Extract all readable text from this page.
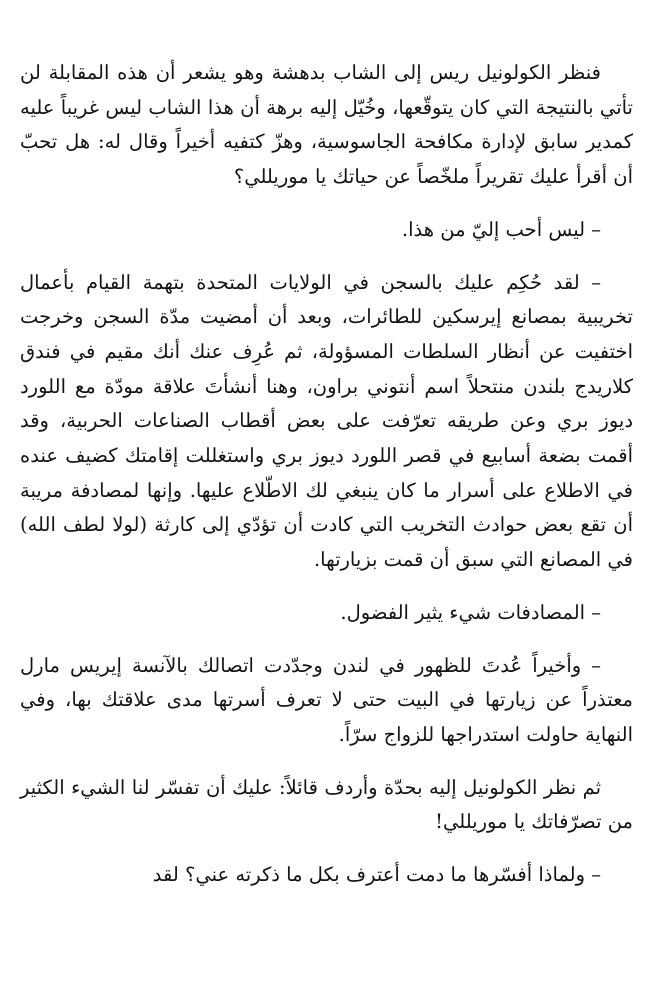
فنظر الكولونيل ريس إلى الشاب بدهشة وهو يشعر أن هذه المقابلة لن تأتي بالنتيجة التي كان يتوقّعها، وخُيّل إليه برهة أن هذا الشاب ليس غريباً عليه كمدير سابق لإدارة مكافحة الجاسوسية، وهزّ كتفيه أخيراً وقال له: هل تحبّ أن أقرأ عليك تقريراً ملخّصاً عن حياتك يا موريللي؟

– ليس أحب إليّ من هذا.

– لقد حُكِم عليك بالسجن في الولايات المتحدة بتهمة القيام بأعمال تخريبية بمصانع إيرسكين للطائرات، وبعد أن أمضيت مدّة السجن وخرجت اختفيت عن أنظار السلطات المسؤولة، ثم عُرِف عنك أنك مقيم في فندق كلاريدج بلندن منتحلاً اسم أنتوني براون، وهنا أنشأتَ علاقة مودّة مع اللورد ديوز بري وعن طريقه تعرّفت على بعض أقطاب الصناعات الحربية، وقد أقمت بضعة أسابيع في قصر اللورد ديوز بري واستغللت إقامتك كضيف عنده في الاطلاع على أسرار ما كان ينبغي لك الاطّلاع عليها. وإنها لمصادفة مريبة أن تقع بعض حوادث التخريب التي كادت أن تؤدّي إلى كارثة (لولا لطف الله) في المصانع التي سبق أن قمت بزيارتها.

– المصادفات شيء يثير الفضول.

– وأخيراً عُدتَ للظهور في لندن وجدّدت اتصالك بالآنسة إيريس مارل معتذراً عن زيارتها في البيت حتى لا تعرف أسرتها مدى علاقتك بها، وفي النهاية حاولت استدراجها للزواج سرّاً.

ثم نظر الكولونيل إليه بحدّة وأردف قائلاً: عليك أن تفسّر لنا الشيء الكثير من تصرّفاتك يا موريللي!

– ولماذا أفسّرها ما دمت أعترف بكل ما ذكرته عني؟ لقد
